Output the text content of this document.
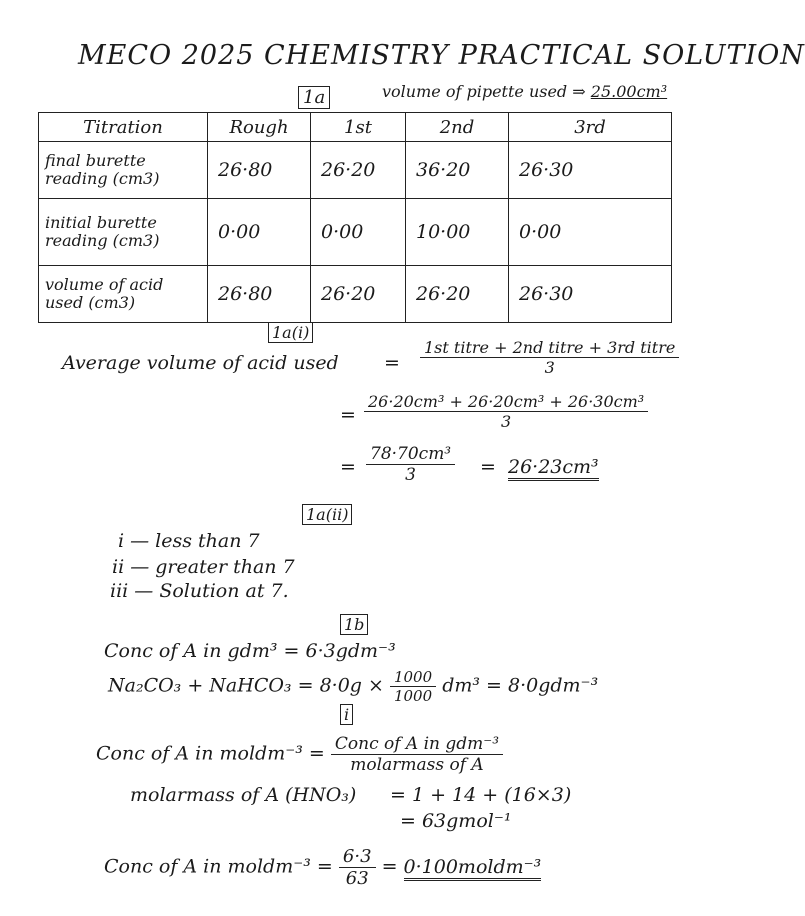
MECO 2025 CHEMISTRY PRACTICAL SOLUTION
1a	volume of pipette used ⇒ 25.00cm³
Titration	Rough	1st	2nd	3rd
final burette reading (cm3)	26·80	26·20	36·20	26·30
initial burette reading (cm3)	0·00	0·00	10·00	0·00
volume of acid used (cm3)	26·80	26·20	26·20	26·30
1a(i)
Average volume of acid used = $\frac{\text{1st titre + 2nd titre + 3rd titre}}{3}$
= $\frac{\text{26·20cm³ + 26·20cm³ + 26·30cm³}}{3}$
= $\frac{\text{78·70cm³}}{3} = 26\cdot 23cm^3$
1a(ii)
i — less than 7
ii — greater than 7
iii — Solution at 7.
1b
Conc of A in gdm³ = 6·3gdm⁻³
Na₂CO₃ + NaHCO₃ = $8\cdot 0g \times \frac{1000}{1000} dm^3 = 8\cdot 0gdm^{-3}$
i
Conc of A in moldm⁻³ = $\frac{\text{Conc of A in gdm⁻³}}{\text{molarmass of A}}$
molarmass of A (HNO₃) = 1 + 14 + (16×3)
= 63gmol⁻¹
Conc of A in moldm⁻³ = $\frac{6\cdot 3}{63}$ = 0·100moldm⁻³
